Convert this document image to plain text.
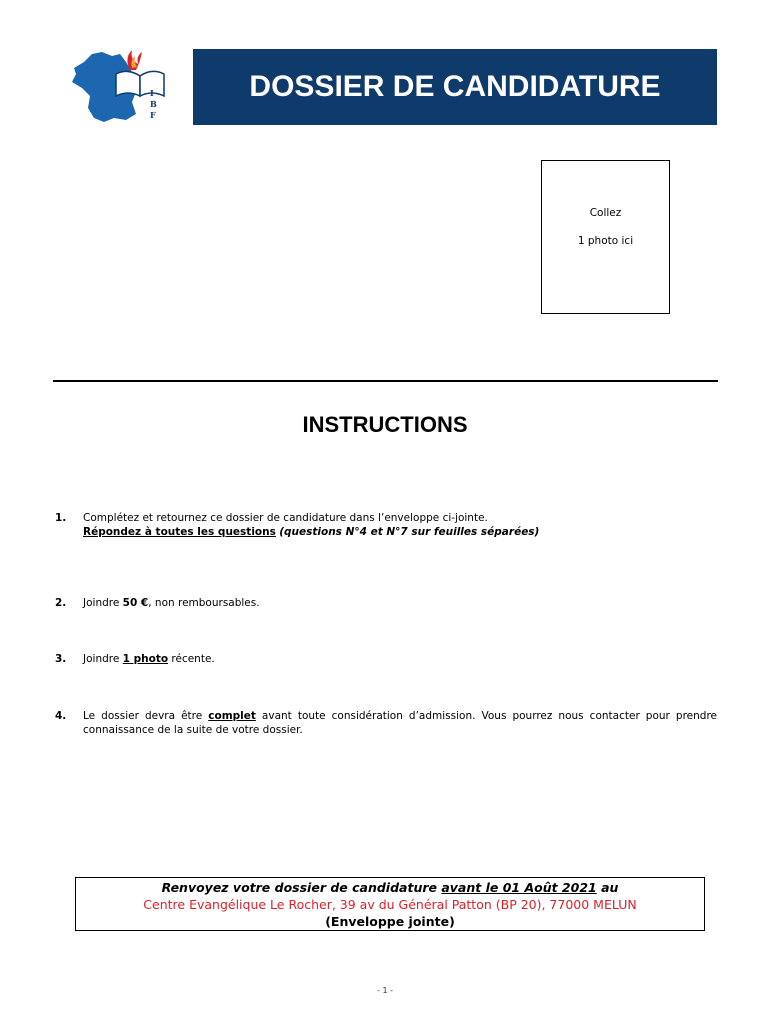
IBF
DOSSIER DE CANDIDATURE
Collez
1 photo ici
INSTRUCTIONS
1. Complétez et retournez ce dossier de candidature dans l’enveloppe ci-jointe.
Répondez à toutes les questions (questions N°4 et N°7 sur feuilles séparées)
2. Joindre 50 €, non remboursables.
3. Joindre 1 photo récente.
4. Le dossier devra être complet avant toute considération d’admission. Vous pourrez nous contacter pour prendre connaissance de la suite de votre dossier.
Renvoyez votre dossier de candidature avant le 01 Août 2021 au
Centre Evangélique Le Rocher, 39 av du Général Patton (BP 20), 77000 MELUN
(Enveloppe jointe)
- 1 -
